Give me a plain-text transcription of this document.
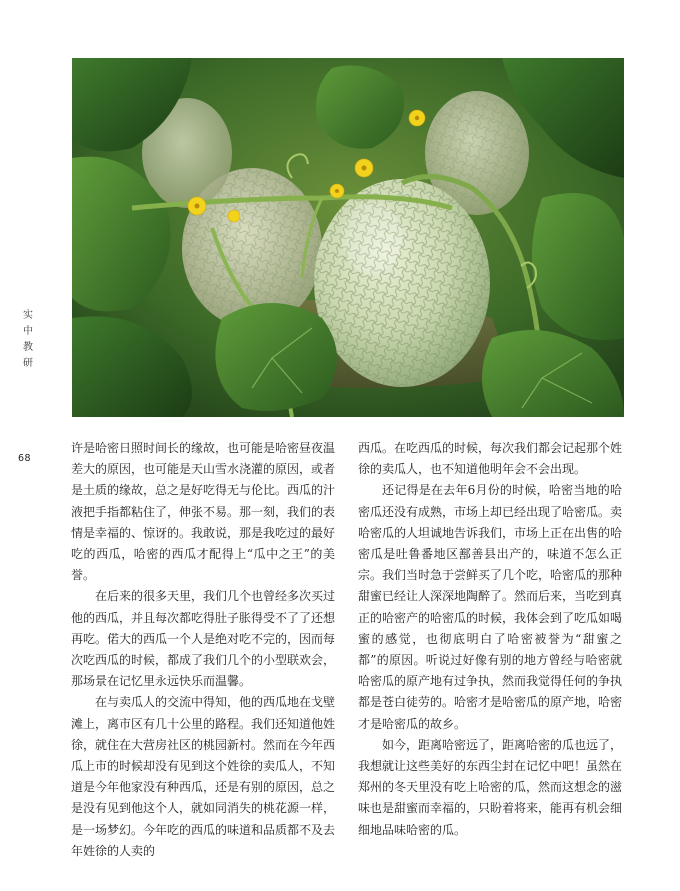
实
中
教
研
68

许是哈密日照时间长的缘故，也可能是哈密昼夜温差大的原因，也可能是天山雪水浇灌的原因，或者是土质的缘故，总之是好吃得无与伦比。西瓜的汁液把手指都粘住了，伸张不易。那一刻，我们的表情是幸福的、惊讶的。我敢说，那是我吃过的最好吃的西瓜，哈密的西瓜才配得上“瓜中之王”的美誉。

在后来的很多天里，我们几个也曾经多次买过他的西瓜，并且每次都吃得肚子胀得受不了了还想再吃。偌大的西瓜一个人是绝对吃不完的，因而每次吃西瓜的时候，都成了我们几个的小型联欢会，那场景在记忆里永远快乐而温馨。

在与卖瓜人的交流中得知，他的西瓜地在戈壁滩上，离市区有几十公里的路程。我们还知道他姓徐，就住在大营房社区的桃园新村。然而在今年西瓜上市的时候却没有见到这个姓徐的卖瓜人，不知道是今年他家没有种西瓜，还是有别的原因，总之是没有见到他这个人，就如同消失的桃花源一样，是一场梦幻。今年吃的西瓜的味道和品质都不及去年姓徐的人卖的

西瓜。在吃西瓜的时候，每次我们都会记起那个姓徐的卖瓜人，也不知道他明年会不会出现。

还记得是在去年6月份的时候，哈密当地的哈密瓜还没有成熟，市场上却已经出现了哈密瓜。卖哈密瓜的人坦诚地告诉我们，市场上正在出售的哈密瓜是吐鲁番地区鄯善县出产的，味道不怎么正宗。我们当时急于尝鲜买了几个吃，哈密瓜的那种甜蜜已经让人深深地陶醉了。然而后来，当吃到真正的哈密产的哈密瓜的时候，我体会到了吃瓜如喝蜜的感觉，也彻底明白了哈密被誉为“甜蜜之都”的原因。听说过好像有别的地方曾经与哈密就哈密瓜的原产地有过争执，然而我觉得任何的争执都是苍白徒劳的。哈密才是哈密瓜的原产地，哈密才是哈密瓜的故乡。

如今，距离哈密远了，距离哈密的瓜也远了，我想就让这些美好的东西尘封在记忆中吧！虽然在郑州的冬天里没有吃上哈密的瓜，然而这想念的滋味也是甜蜜而幸福的，只盼着将来，能再有机会细细地品味哈密的瓜。
